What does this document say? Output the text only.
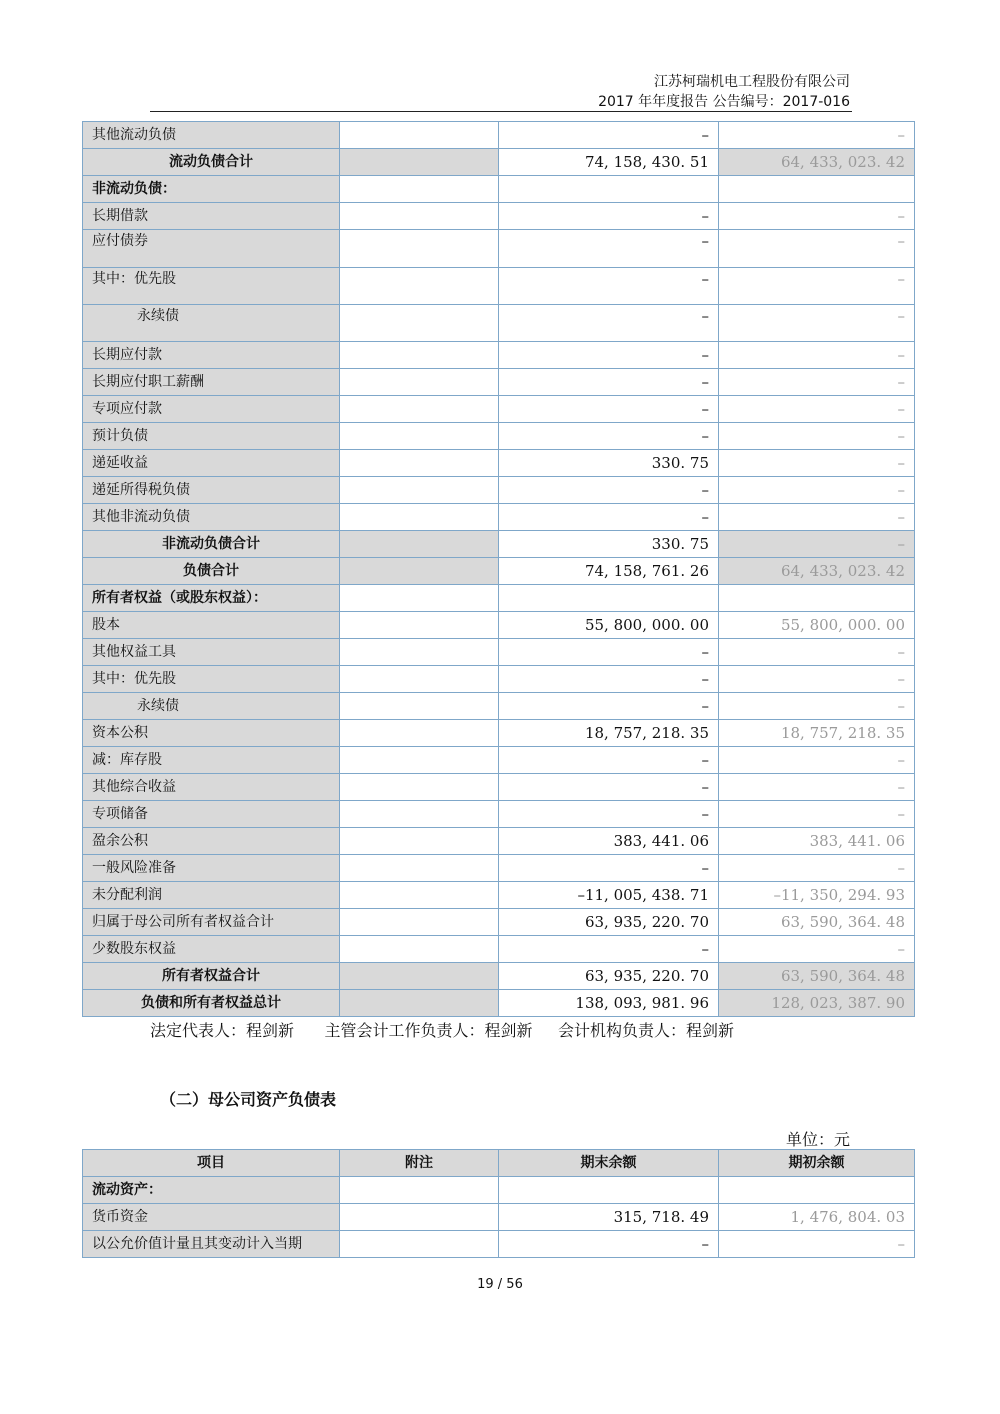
江苏柯瑞机电工程股份有限公司
2017 年年度报告 公告编号：2017-016
其他流动负债		–	–
流动负债合计		74, 158, 430. 51	64, 433, 023. 42
非流动负债：			
长期借款		–	–
应付债券		–	–
其中：优先股		–	–
永续债		–	–
长期应付款		–	–
长期应付职工薪酬		–	–
专项应付款		–	–
预计负债		–	–
递延收益		330. 75	–
递延所得税负债		–	–
其他非流动负债		–	–
非流动负债合计		330. 75	–
负债合计		74, 158, 761. 26	64, 433, 023. 42
所有者权益（或股东权益）：			
股本		55, 800, 000. 00	55, 800, 000. 00
其他权益工具		–	–
其中：优先股		–	–
永续债		–	–
资本公积		18, 757, 218. 35	18, 757, 218. 35
减：库存股		–	–
其他综合收益		–	–
专项储备		–	–
盈余公积		383, 441. 06	383, 441. 06
一般风险准备		–	–
未分配利润		–11, 005, 438. 71	–11, 350, 294. 93
归属于母公司所有者权益合计		63, 935, 220. 70	63, 590, 364. 48
少数股东权益		–	–
所有者权益合计		63, 935, 220. 70	63, 590, 364. 48
负债和所有者权益总计		138, 093, 981. 96	128, 023, 387. 90
法定代表人：程剑新      主管会计工作负责人：程剑新     会计机构负责人：程剑新
（二）母公司资产负债表
单位：元
项目	附注	期末余额	期初余额
流动资产：			
货币资金		315, 718. 49	1, 476, 804. 03
以公允价值计量且其变动计入当期		–	–
19 / 56
